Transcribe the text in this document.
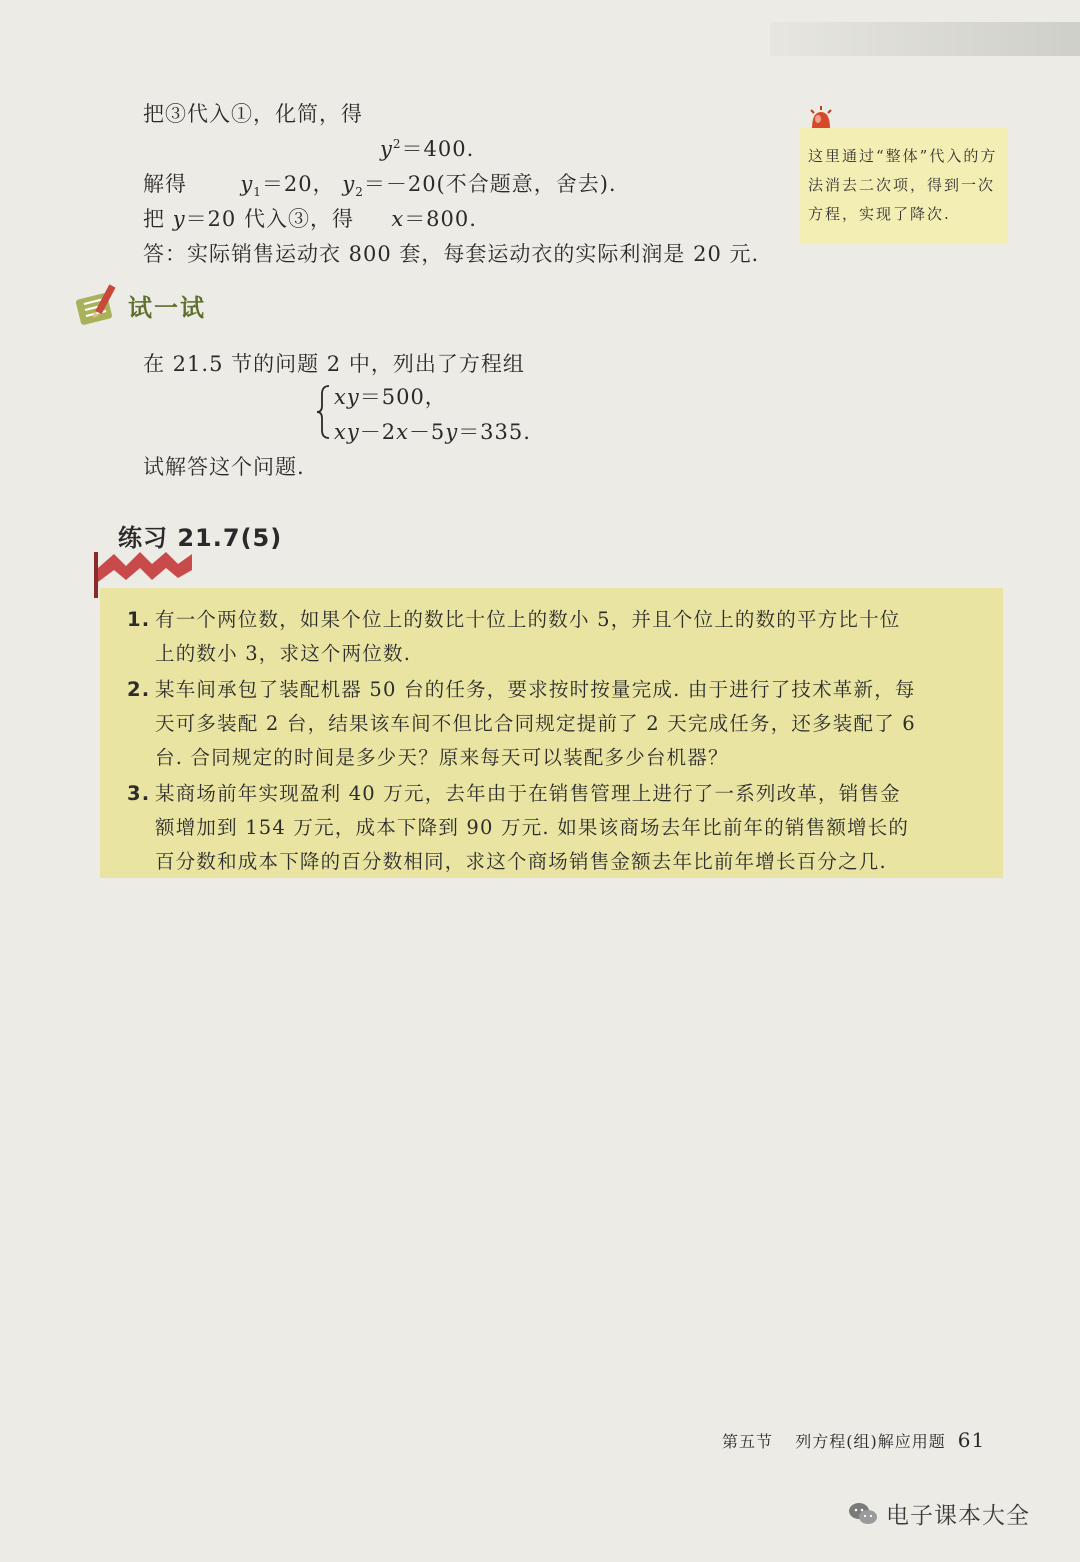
把③代入①，化简，得
$y^2=400$.
解得	$y_1=20$， $y_2=-20$(不合题意，舍去).
把 y＝20 代入③，得 x＝800.
答：实际销售运动衣 800 套，每套运动衣的实际利润是 20 元.
这里通过“整体”代入的方法消去二次项，得到一次方程，实现了降次.
试一试
在 21.5 节的问题 2 中，列出了方程组
xy＝500，
xy－2x－5y＝335.
试解答这个问题.
练习 21.7(5)
1. 有一个两位数，如果个位上的数比十位上的数小 5，并且个位上的数的平方比十位
上的数小 3，求这个两位数.
2. 某车间承包了装配机器 50 台的任务，要求按时按量完成. 由于进行了技术革新，每
天可多装配 2 台，结果该车间不但比合同规定提前了 2 天完成任务，还多装配了 6
台. 合同规定的时间是多少天？原来每天可以装配多少台机器？
3. 某商场前年实现盈利 40 万元，去年由于在销售管理上进行了一系列改革，销售金
额增加到 154 万元，成本下降到 90 万元. 如果该商场去年比前年的销售额增长的
百分数和成本下降的百分数相同，求这个商场销售金额去年比前年增长百分之几.
第五节 列方程(组)解应用题 61
电子课本大全
